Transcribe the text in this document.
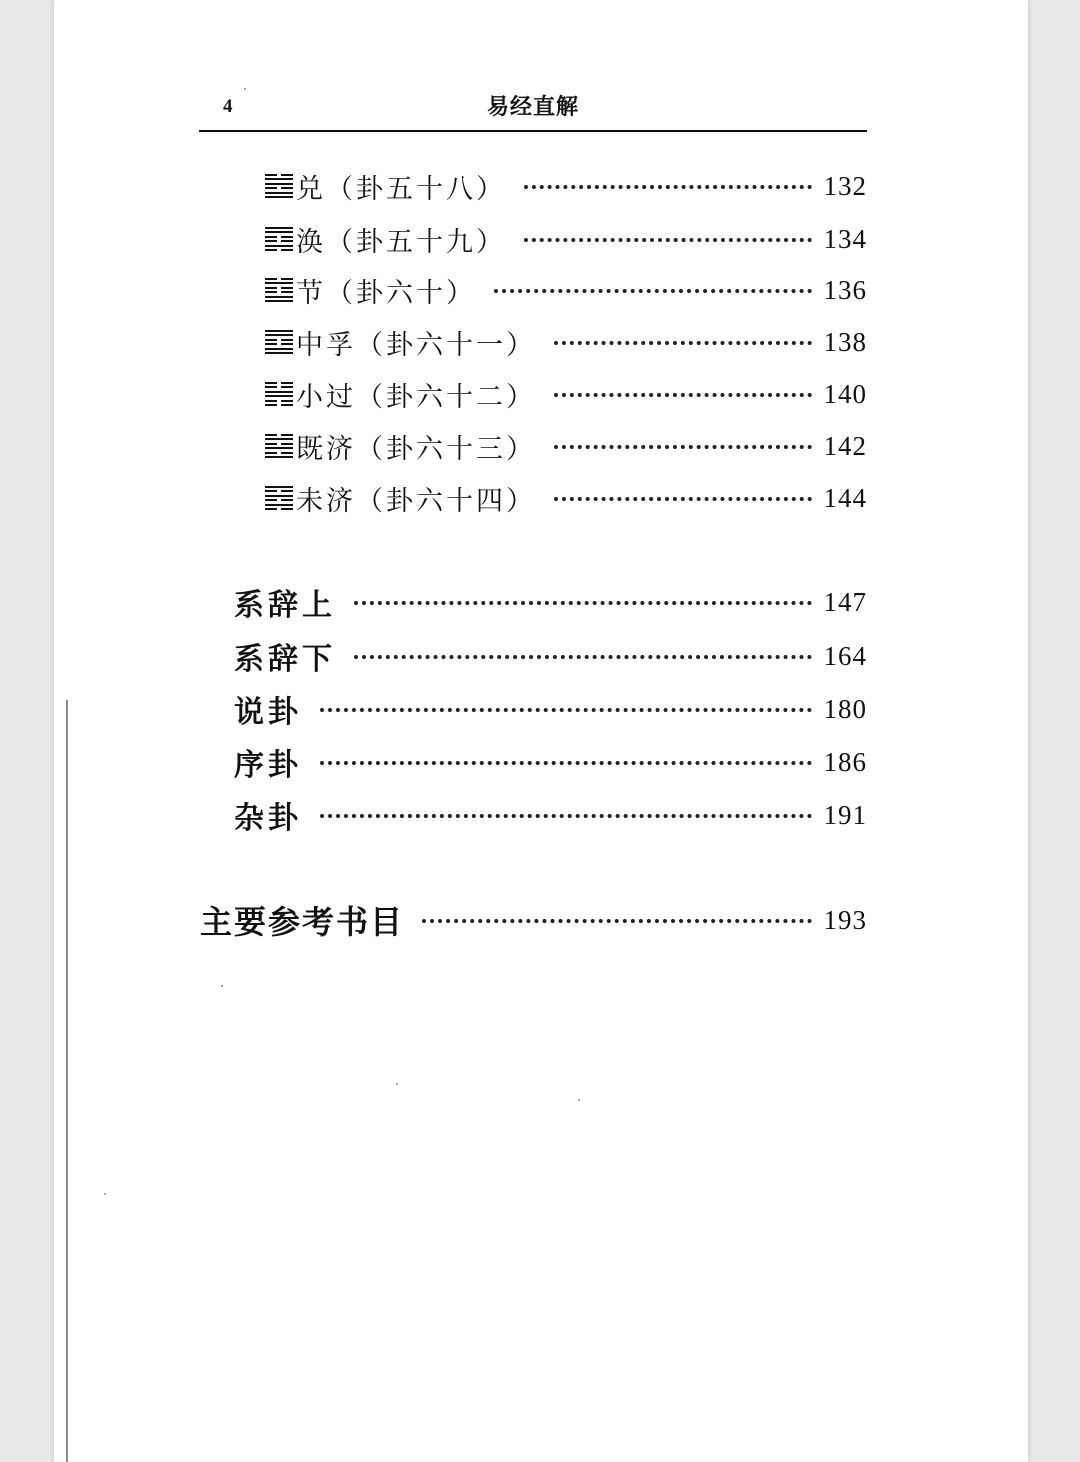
4	易经直解
兑 （卦五十八）	132
涣 （卦五十九）	134
节 （卦六十）	136
中孚 （卦六十一）	138
小过 （卦六十二）	140
既济 （卦六十三）	142
未济 （卦六十四）	144
系辞上	147
系辞下	164
说卦	180
序卦	186
杂卦	191
主要参考书目	193
